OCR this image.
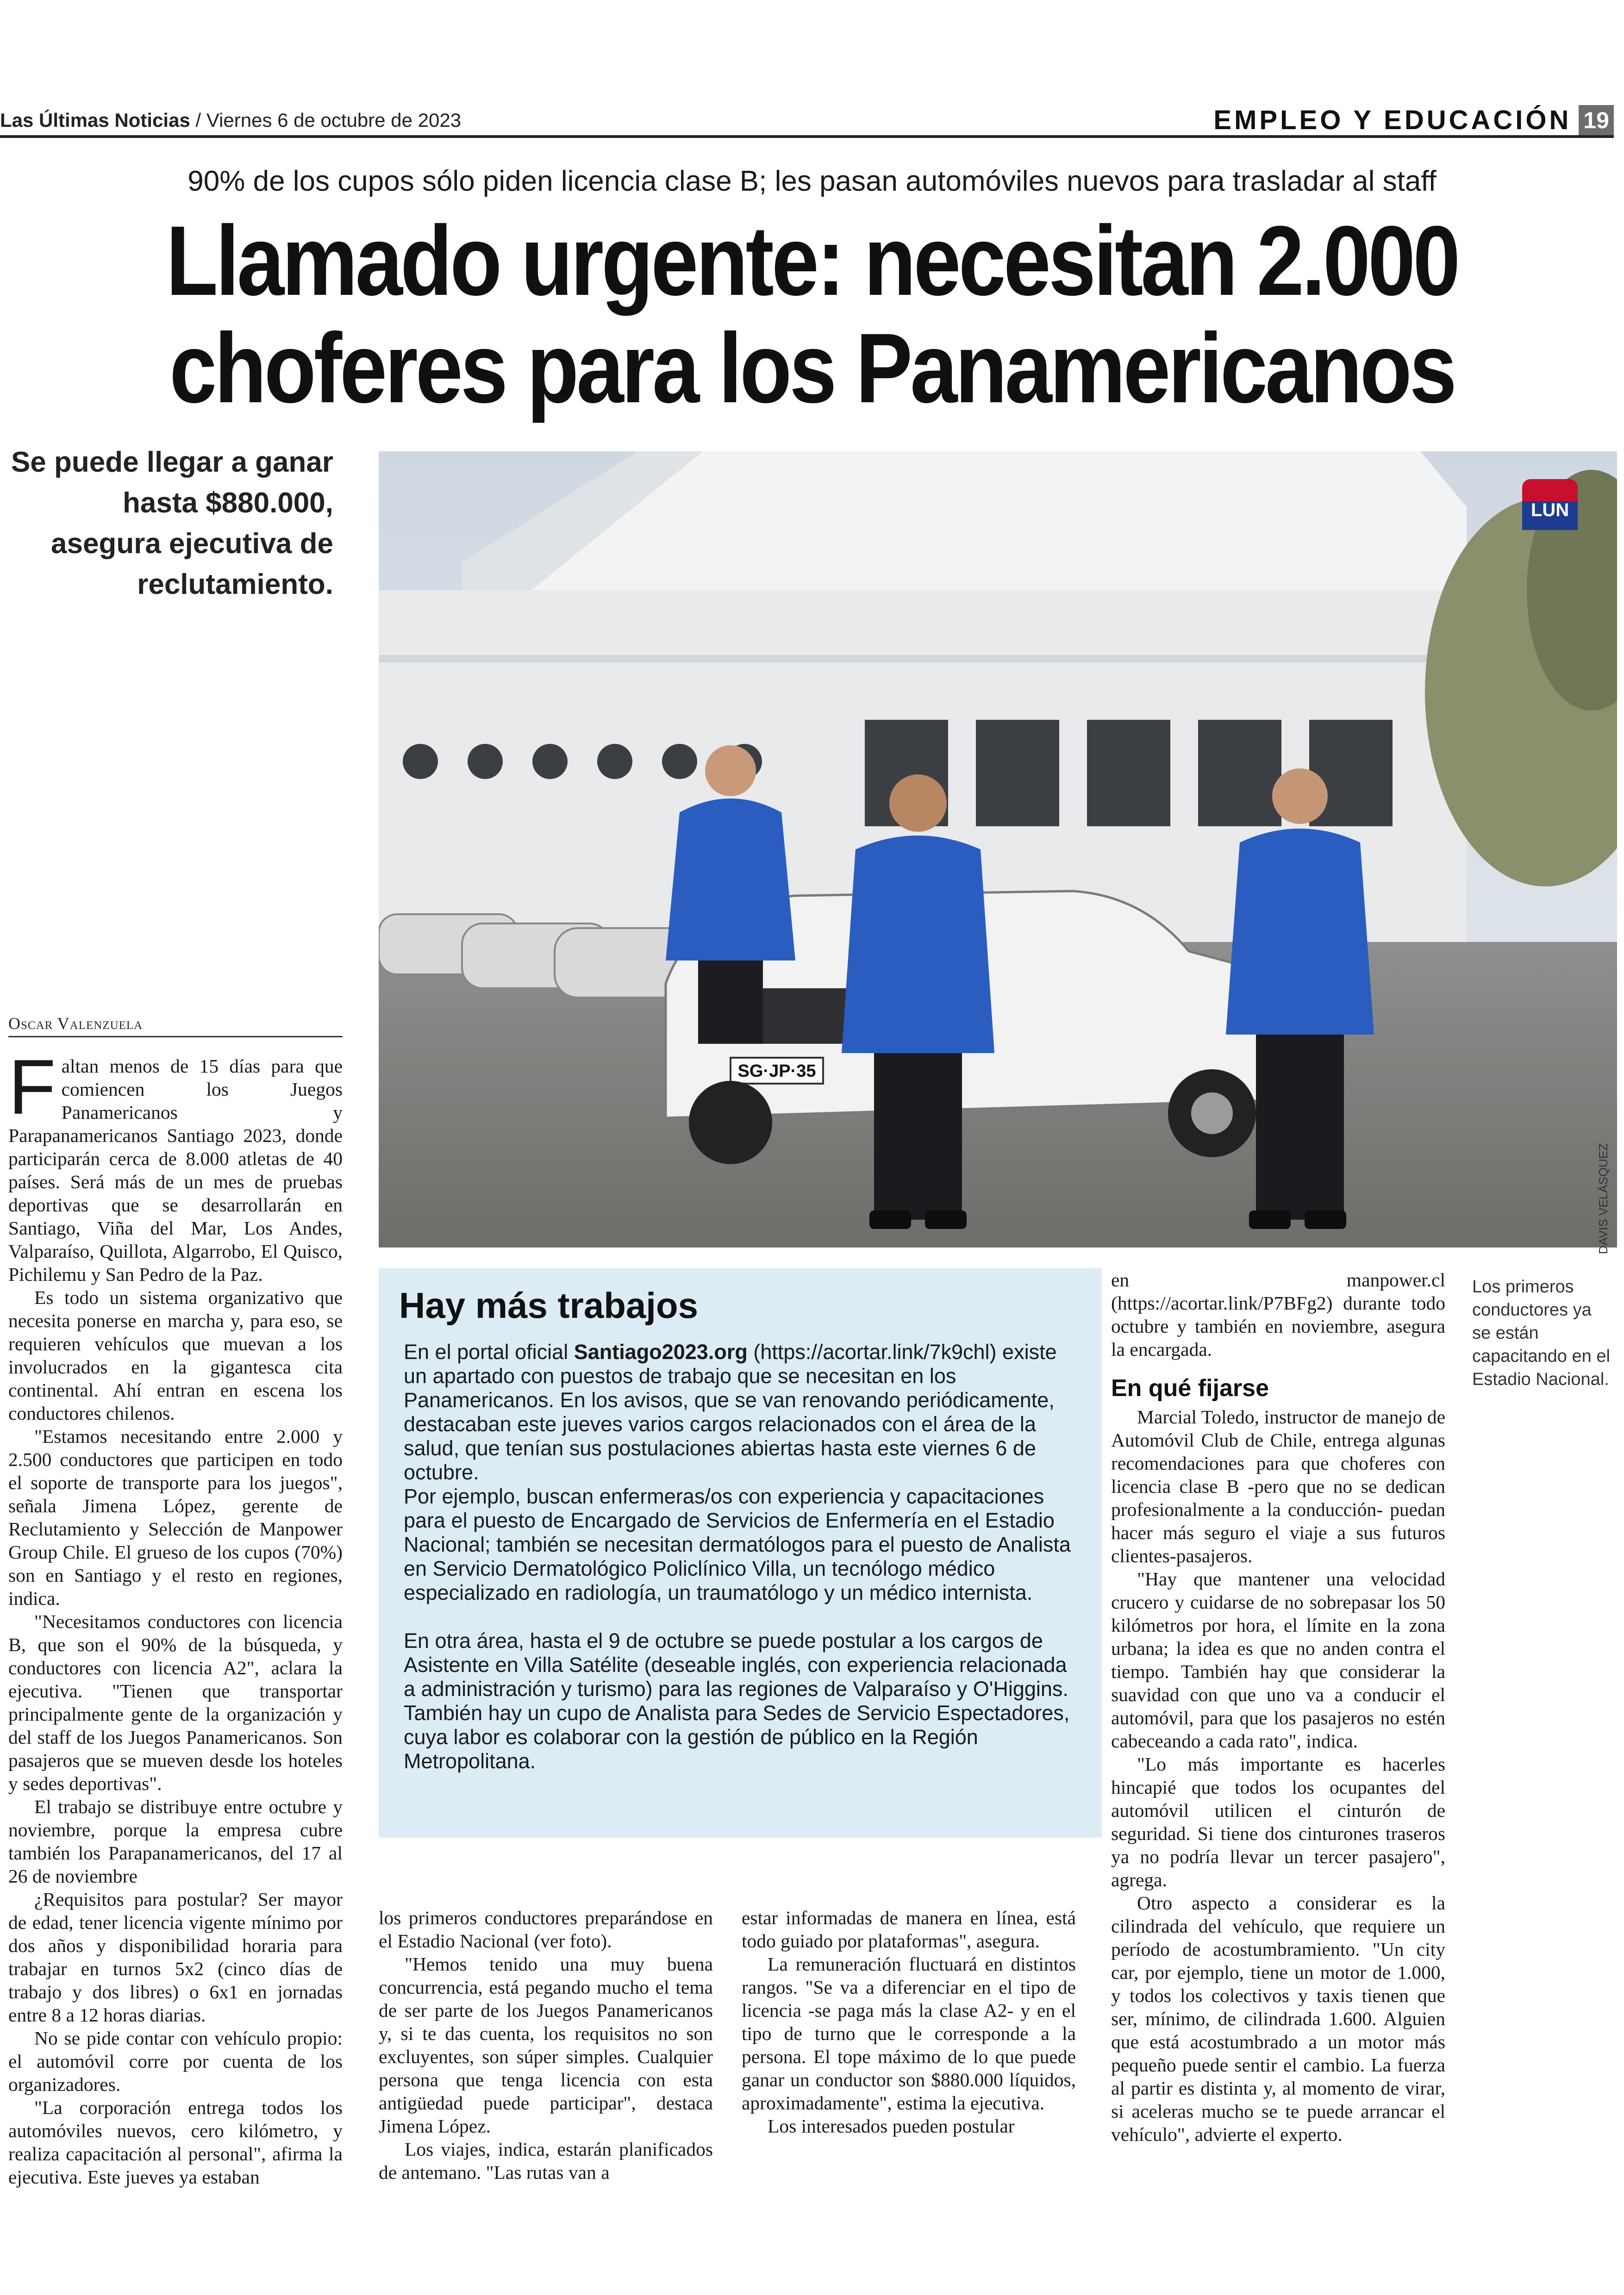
Las Últimas Noticias / Viernes 6 de octubre de 2023	EMPLEO Y EDUCACIÓN 19
90% de los cupos sólo piden licencia clase B; les pasan automóviles nuevos para trasladar al staff
Llamado urgente: necesitan 2.000
choferes para los Panamericanos
Se puede llegar a ganar hasta $880.000, asegura ejecutiva de reclutamiento.
SG·JP·35
LUN
DAVIS VELÁSQUEZ
Los primeros conductores ya se están capacitando en el Estadio Nacional.
Oscar Valenzuela

Faltan menos de 15 días para que comiencen los Juegos Panamericanos y Parapanamericanos Santiago 2023, donde participarán cerca de 8.000 atletas de 40 países. Será más de un mes de pruebas deportivas que se desarrollarán en Santiago, Viña del Mar, Los Andes, Valparaíso, Quillota, Algarrobo, El Quisco, Pichilemu y San Pedro de la Paz.

Es todo un sistema organizativo que necesita ponerse en marcha y, para eso, se requieren vehículos que muevan a los involucrados en la gigantesca cita continental. Ahí entran en escena los conductores chilenos.

"Estamos necesitando entre 2.000 y 2.500 conductores que participen en todo el soporte de transporte para los juegos", señala Jimena López, gerente de Reclutamiento y Selección de Manpower Group Chile. El grueso de los cupos (70%) son en Santiago y el resto en regiones, indica.

"Necesitamos conductores con licencia B, que son el 90% de la búsqueda, y conductores con licencia A2", aclara la ejecutiva. "Tienen que transportar principalmente gente de la organización y del staff de los Juegos Panamericanos. Son pasajeros que se mueven desde los hoteles y sedes deportivas".

El trabajo se distribuye entre octubre y noviembre, porque la empresa cubre también los Parapanamericanos, del 17 al 26 de noviembre

¿Requisitos para postular? Ser mayor de edad, tener licencia vigente mínimo por dos años y disponibilidad horaria para trabajar en turnos 5x2 (cinco días de trabajo y dos libres) o 6x1 en jornadas entre 8 a 12 horas diarias.

No se pide contar con vehículo propio: el automóvil corre por cuenta de los organizadores.

"La corporación entrega todos los automóviles nuevos, cero kilómetro, y realiza capacitación al personal", afirma la ejecutiva. Este jueves ya estaban

Hay más trabajos

En el portal oficial Santiago2023.org (https://acortar.link/7k9chl) existe un apartado con puestos de trabajo que se necesitan en los Panamericanos. En los avisos, que se van renovando periódicamente, destacaban este jueves varios cargos relacionados con el área de la salud, que tenían sus postulaciones abiertas hasta este viernes 6 de octubre.

Por ejemplo, buscan enfermeras/os con experiencia y capacitaciones para el puesto de Encargado de Servicios de Enfermería en el Estadio Nacional; también se necesitan dermatólogos para el puesto de Analista en Servicio Dermatológico Policlínico Villa, un tecnólogo médico especializado en radiología, un traumatólogo y un médico internista.

En otra área, hasta el 9 de octubre se puede postular a los cargos de Asistente en Villa Satélite (deseable inglés, con experiencia relacionada a administración y turismo) para las regiones de Valparaíso y O'Higgins. También hay un cupo de Analista para Sedes de Servicio Espectadores, cuya labor es colaborar con la gestión de público en la Región Metropolitana.

los primeros conductores preparándose en el Estadio Nacional (ver foto).

"Hemos tenido una muy buena concurrencia, está pegando mucho el tema de ser parte de los Juegos Panamericanos y, si te das cuenta, los requisitos no son excluyentes, son súper simples. Cualquier persona que tenga licencia con esta antigüedad puede participar", destaca Jimena López.

Los viajes, indica, estarán planificados de antemano. "Las rutas van a

estar informadas de manera en línea, está todo guiado por plataformas", asegura.

La remuneración fluctuará en distintos rangos. "Se va a diferenciar en el tipo de licencia -se paga más la clase A2- y en el tipo de turno que le corresponde a la persona. El tope máximo de lo que puede ganar un conductor son $880.000 líquidos, aproximadamente", estima la ejecutiva.

Los interesados pueden postular

en manpower.cl (https://acortar.link/P7BFg2) durante todo octubre y también en noviembre, asegura la encargada.

En qué fijarse

Marcial Toledo, instructor de manejo de Automóvil Club de Chile, entrega algunas recomendaciones para que choferes con licencia clase B -pero que no se dedican profesionalmente a la conducción- puedan hacer más seguro el viaje a sus futuros clientes-pasajeros.

"Hay que mantener una velocidad crucero y cuidarse de no sobrepasar los 50 kilómetros por hora, el límite en la zona urbana; la idea es que no anden contra el tiempo. También hay que considerar la suavidad con que uno va a conducir el automóvil, para que los pasajeros no estén cabeceando a cada rato", indica.

"Lo más importante es hacerles hincapié que todos los ocupantes del automóvil utilicen el cinturón de seguridad. Si tiene dos cinturones traseros ya no podría llevar un tercer pasajero", agrega.

Otro aspecto a considerar es la cilindrada del vehículo, que requiere un período de acostumbramiento. "Un city car, por ejemplo, tiene un motor de 1.000, y todos los colectivos y taxis tienen que ser, mínimo, de cilindrada 1.600. Alguien que está acostumbrado a un motor más pequeño puede sentir el cambio. La fuerza al partir es distinta y, al momento de virar, si aceleras mucho se te puede arrancar el vehículo", advierte el experto.
